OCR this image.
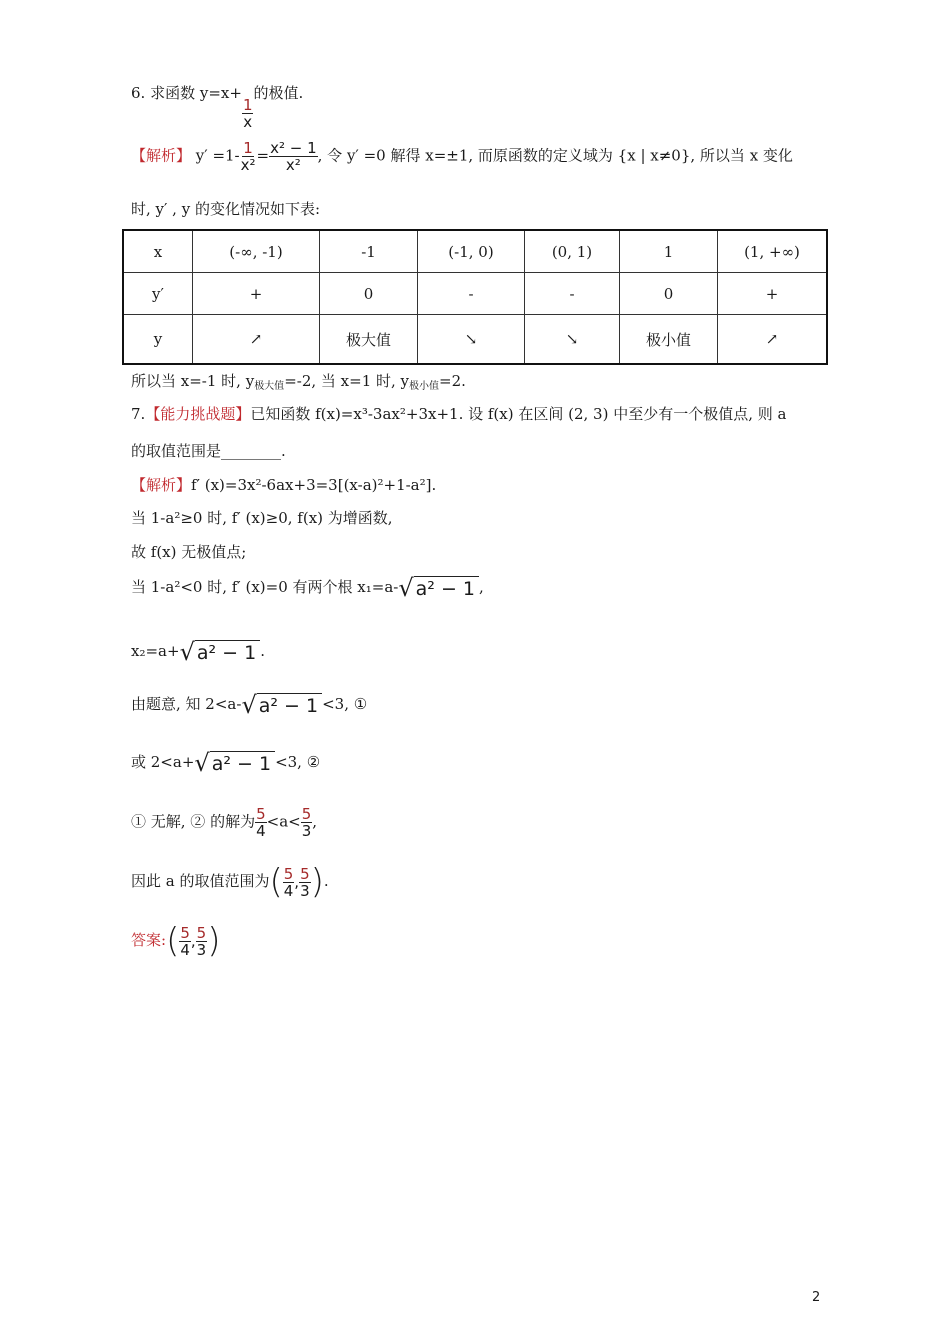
6. 求函数 y=x+
$\frac{1}{x}$
的极值.
【解析】 $y' =1- \frac{1}{\text{x²}} = \frac{\text{x² − 1}}{\text{x²}}$ , 令 y′ =0 解得 x=±1, 而原函数的定义域为 {x | x≠0}, 所以当 x 变化
时, y′ , y 的变化情况如下表:
x	(-∞, -1)	-1	(-1, 0)	(0, 1)	1	(1, +∞)
y′	+	0	-	-	0	+
y	↗	极大值	↘	↘	极小值	↗
所以当 x=-1 时, $y_{极大值}=-2$, 当 x=1 时, $y_{极小值}=2$.
7.【能力挑战题】已知函数 f(x)=x³-3ax²+3x+1. 设 f(x) 在区间 (2, 3) 中至少有一个极值点, 则 a
的取值范围是________.
【解析】f′ (x)=3x²-6ax+3=3[(x-a)²+1-a²].
当 1-a²≥0 时, f′ (x)≥0, f(x) 为增函数,
故 f(x) 无极值点;
当 1-a²<0 时, f′ (x)=0 有两个根 x₁=a- √ a² − 1 ,
x₂=a+ √ a² − 1 .
由题意, 知 2<a- √ a² − 1 <3, ①
或 2<a+ √ a² − 1 <3, ②
① 无解, ② 的解为 $\frac{5}{4} <a< \frac{5}{3}$ ,
因此 a 的取值范围为 ( $\frac{5}{4}$ , $\frac{5}{3}$ ) .
答案: ( $\frac{5}{4}$ , $\frac{5}{3}$ )
2
